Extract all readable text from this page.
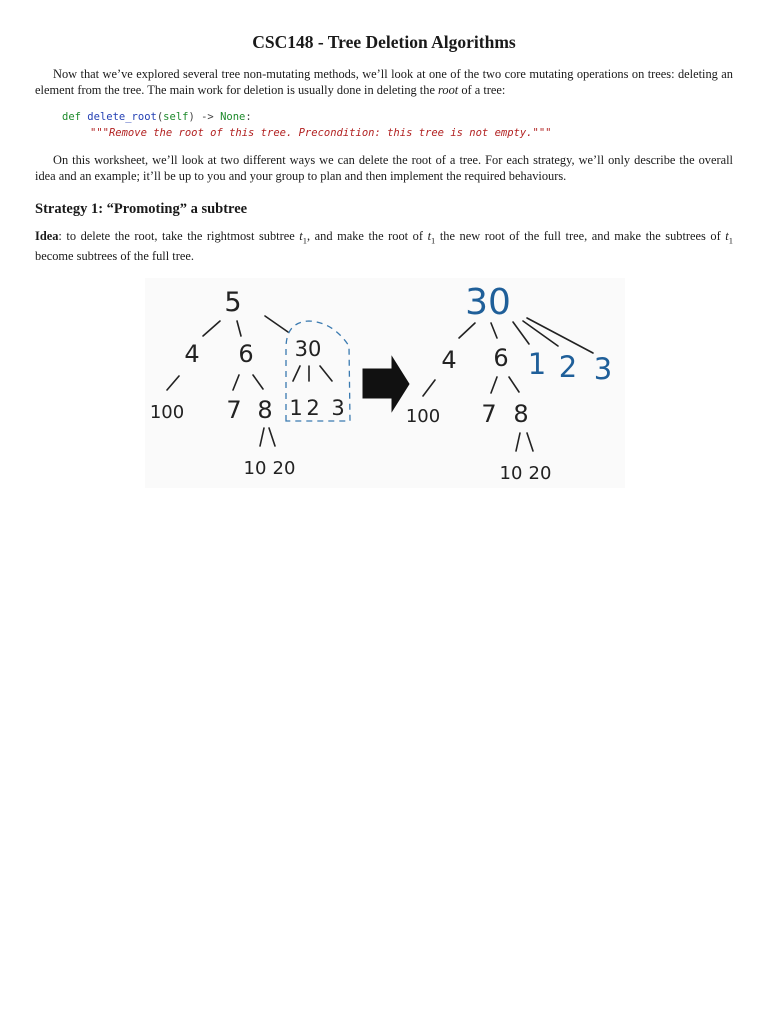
CSC148 - Tree Deletion Algorithms
Now that we’ve explored several tree non-mutating methods, we’ll look at one of the two core mutating operations on trees: deleting an element from the tree. The main work for deletion is usually done in deleting the root of a tree:
def delete_root(self) -> None:
"""Remove the root of this tree. Precondition: this tree is not empty."""
On this worksheet, we’ll look at two different ways we can delete the root of a tree. For each strategy, we’ll only describe the overall idea and an example; it’ll be up to you and your group to plan and then implement the required behaviours.
Strategy 1: “Promoting” a subtree
Idea: to delete the root, take the rightmost subtree $t_1$, and make the root of $t_1$ the new root of the full tree, and make the subtrees of $t_1$ become subtrees of the full tree.
5
4 6 30
100 7 8 1 2 3
10 20
30
4 6 1 2 3
100 7 8
10 20
